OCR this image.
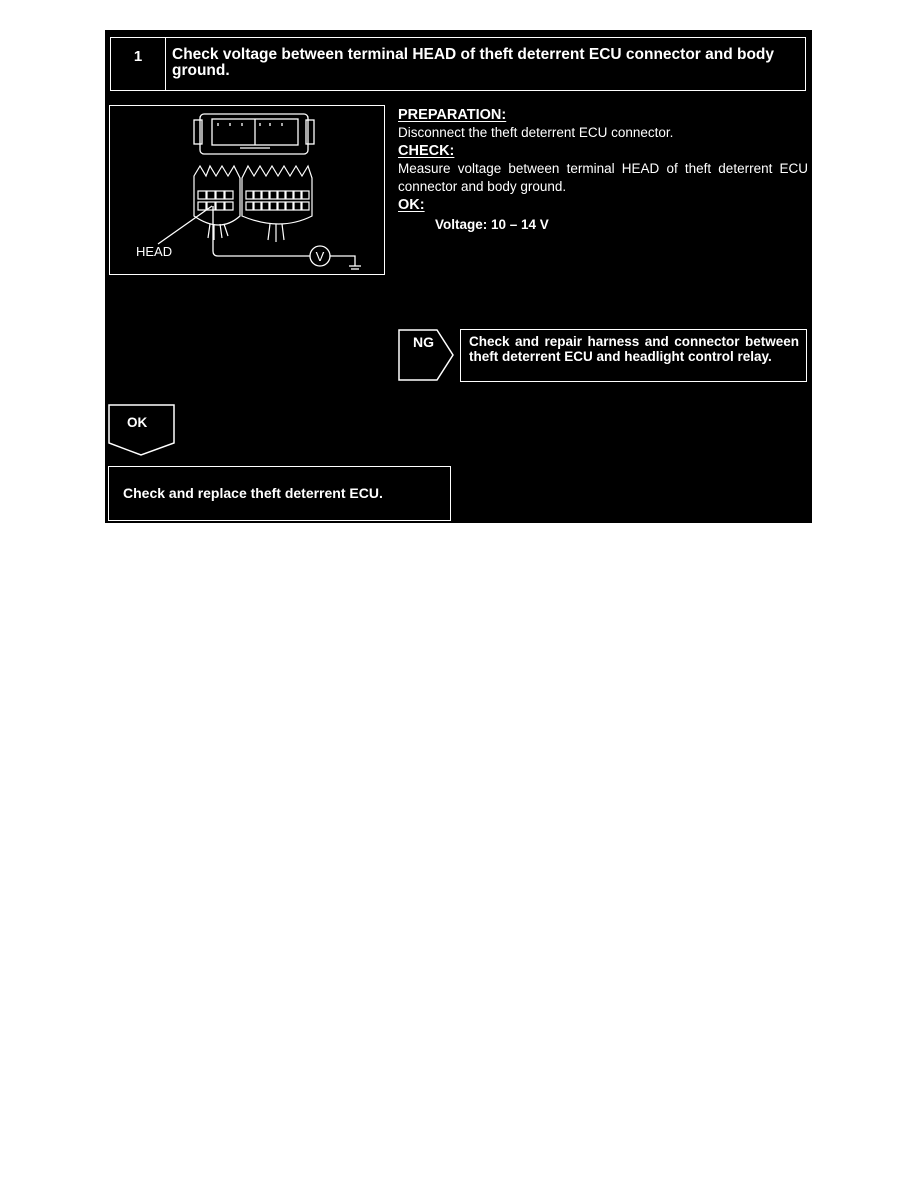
1	Check voltage between terminal HEAD of theft deterrent ECU connector and body ground.
V
HEAD
PREPARATION:
Disconnect the theft deterrent ECU connector.
CHECK:
Measure voltage between terminal HEAD of theft deterrent ECU connector and body ground.
OK:
Voltage: 10 – 14 V
NG	Check and repair harness and connector between theft deterrent ECU and headlight control relay.
OK
Check and replace theft deterrent ECU.
